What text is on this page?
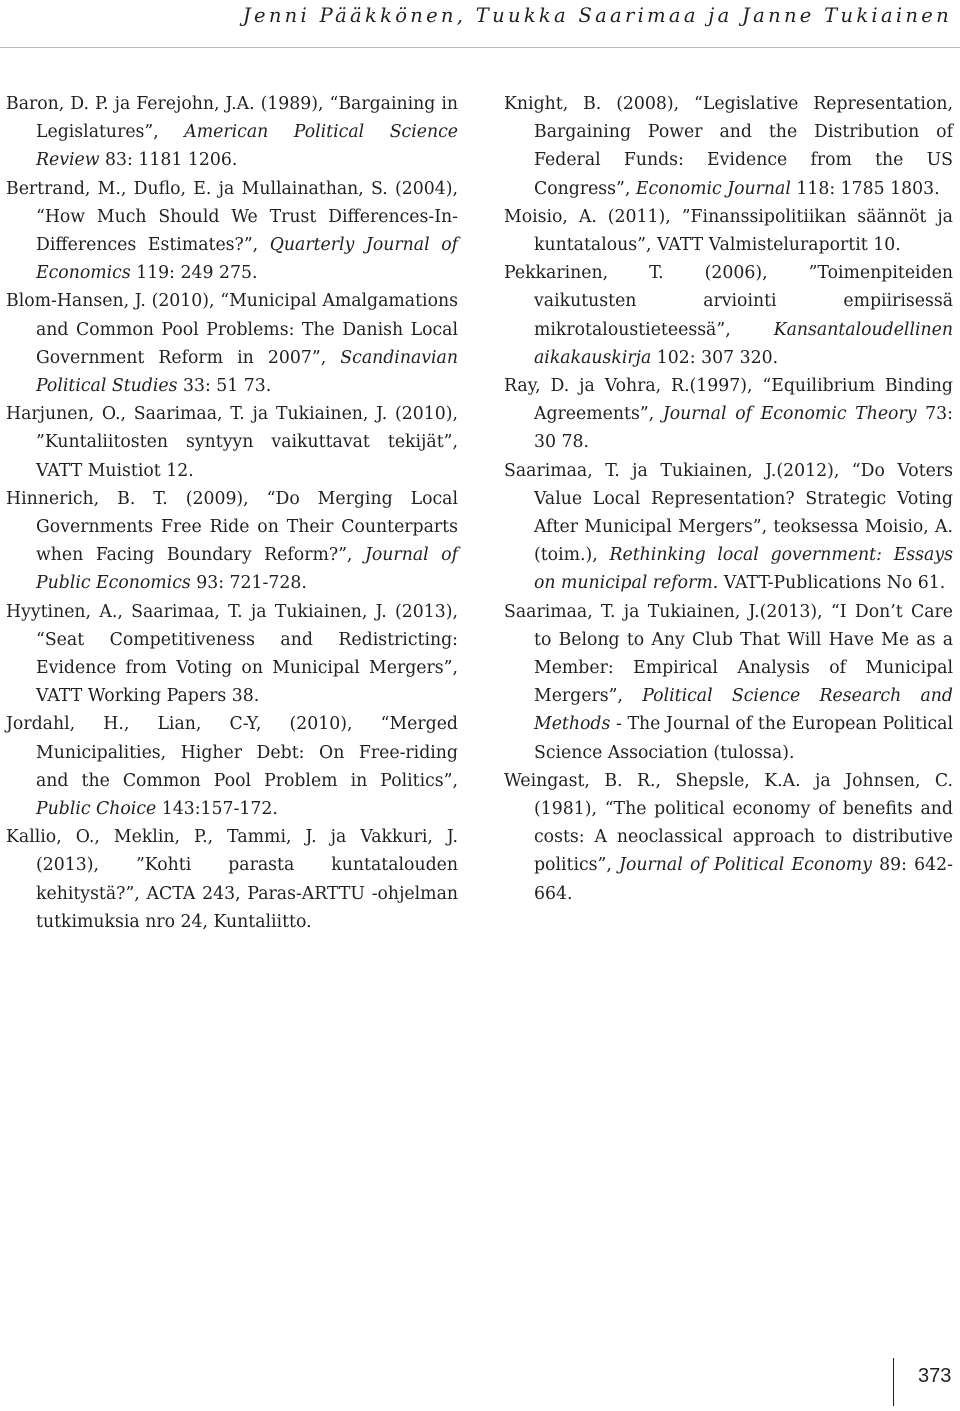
Jenni Pääkkönen, Tuukka Saarimaa ja Janne Tukiainen

Baron, D. P. ja Ferejohn, J.A. (1989), “Bargaining in Legislatures”, American Political Science Review 83: 1181 1206.

Bertrand, M., Duflo, E. ja Mullainathan, S. (2004), “How Much Should We Trust Differences-In-Differences Estimates?”, Quarterly Journal of Economics 119: 249 275.

Blom-Hansen, J. (2010), “Municipal Amalgamations and Common Pool Problems: The Danish Local Government Reform in 2007”, Scandinavian Political Studies 33: 51 73.

Harjunen, O., Saarimaa, T. ja Tukiainen, J. (2010), ”Kuntaliitosten syntyyn vaikuttavat tekijät”, VATT Muistiot 12.

Hinnerich, B. T. (2009), “Do Merging Local Governments Free Ride on Their Counterparts when Facing Boundary Reform?”, Journal of Public Economics 93: 721-728.

Hyytinen, A., Saarimaa, T. ja Tukiainen, J. (2013), “Seat Competitiveness and Redistricting: Evidence from Voting on Municipal Mergers”, VATT Working Papers 38.

Jordahl, H., Lian, C-Y, (2010), “Merged Municipalities, Higher Debt: On Free-riding and the Common Pool Problem in Politics”, Public Choice 143:157-172.

Kallio, O., Meklin, P., Tammi, J. ja Vakkuri, J. (2013), ”Kohti parasta kuntatalouden kehitystä?”, ACTA 243, Paras-ARTTU -ohjelman tutkimuksia nro 24, Kuntaliitto.

Knight, B. (2008), “Legislative Representation, Bargaining Power and the Distribution of Federal Funds: Evidence from the US Congress”, Economic Journal 118: 1785 1803.

Moisio, A. (2011), ”Finanssipolitiikan säännöt ja kuntatalous”, VATT Valmisteluraportit 10.

Pekkarinen, T. (2006), ”Toimenpiteiden vaikutusten arviointi empiirisessä mikrotaloustieteessä”, Kansantaloudellinen aikakauskirja 102: 307 320.

Ray, D. ja Vohra, R.(1997), “Equilibrium Binding Agreements”, Journal of Economic Theory 73: 30 78.

Saarimaa, T. ja Tukiainen, J.(2012), “Do Voters Value Local Representation? Strategic Voting After Municipal Mergers”, teoksessa Moisio, A.(toim.), Rethinking local government: Essays on municipal reform. VATT-Publications No 61.

Saarimaa, T. ja Tukiainen, J.(2013), “I Don’t Care to Belong to Any Club That Will Have Me as a Member: Empirical Analysis of Municipal Mergers”, Political Science Research and Methods - The Journal of the European Political Science Association (tulossa).

Weingast, B. R., Shepsle, K.A. ja Johnsen, C. (1981), “The political economy of benefits and costs: A neoclassical approach to distributive politics”, Journal of Political Economy 89: 642-664.

373
